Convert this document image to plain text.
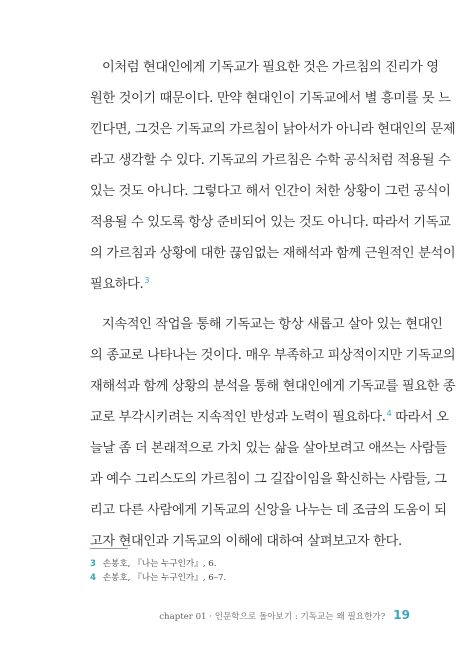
이처럼 현대인에게 기독교가 필요한 것은 가르침의 진리가 영
원한 것이기 때문이다. 만약 현대인이 기독교에서 별 흥미를 못 느
낀다면, 그것은 기독교의 가르침이 낡아서가 아니라 현대인의 문제
라고 생각할 수 있다. 기독교의 가르침은 수학 공식처럼 적용될 수
있는 것도 아니다. 그렇다고 해서 인간이 처한 상황이 그런 공식이
적용될 수 있도록 항상 준비되어 있는 것도 아니다. 따라서 기독교
의 가르침과 상황에 대한 끊임없는 재해석과 함께 근원적인 분석이
필요하다.$^3$
지속적인 작업을 통해 기독교는 항상 새롭고 살아 있는 현대인
의 종교로 나타나는 것이다. 매우 부족하고 피상적이지만 기독교의
재해석과 함께 상황의 분석을 통해 현대인에게 기독교를 필요한 종
교로 부각시키려는 지속적인 반성과 노력이 필요하다.$^4$ 따라서 오
늘날 좀 더 본래적으로 가치 있는 삶을 살아보려고 애쓰는 사람들
과 예수 그리스도의 가르침이 그 길잡이임을 확신하는 사람들, 그
리고 다른 사람에게 기독교의 신앙을 나누는 데 조금의 도움이 되
고자 현대인과 기독교의 이해에 대하여 살펴보고자 한다.
3 손봉호, 『나는 누구인가』, 6.
4 손봉호, 『나는 누구인가』, 6–7.
chapter 01 · 인문학으로 돌아보기 : 기독교는 왜 필요한가? 19
